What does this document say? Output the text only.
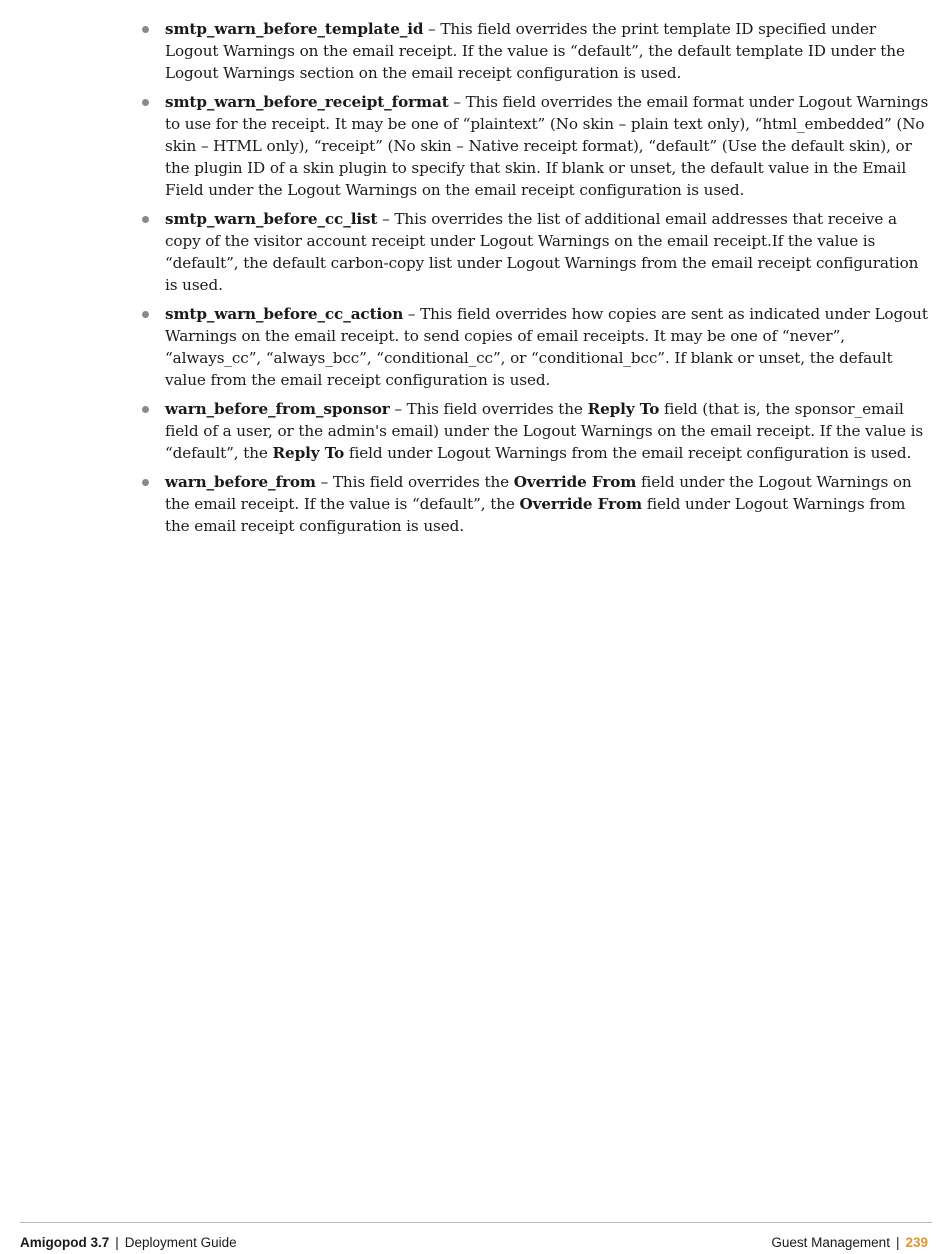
smtp_warn_before_template_id – This field overrides the print template ID specified under Logout Warnings on the email receipt. If the value is “default”, the default template ID under the Logout Warnings section on the email receipt configuration is used.
smtp_warn_before_receipt_format – This field overrides the email format under Logout Warnings to use for the receipt. It may be one of “plaintext” (No skin – plain text only), “html_embedded” (No skin – HTML only), “receipt” (No skin – Native receipt format), “default” (Use the default skin), or the plugin ID of a skin plugin to specify that skin. If blank or unset, the default value in the Email Field under the Logout Warnings on the email receipt configuration is used.
smtp_warn_before_cc_list – This overrides the list of additional email addresses that receive a copy of the visitor account receipt under Logout Warnings on the email receipt.If the value is “default”, the default carbon-copy list under Logout Warnings from the email receipt configuration is used.
smtp_warn_before_cc_action – This field overrides how copies are sent as indicated under Logout Warnings on the email receipt. to send copies of email receipts. It may be one of “never”, “always_cc”, “always_bcc”, “conditional_cc”, or “conditional_bcc”. If blank or unset, the default value from the email receipt configuration is used.
warn_before_from_sponsor – This field overrides the Reply To field (that is, the sponsor_email field of a user, or the admin's email) under the Logout Warnings on the email receipt. If the value is “default”, the Reply To field under Logout Warnings from the email receipt configuration is used.
warn_before_from – This field overrides the Override From field under the Logout Warnings on the email receipt. If the value is “default”, the Override From field under Logout Warnings from the email receipt configuration is used.
Amigopod 3.7 | Deployment Guide	Guest Management | 239
